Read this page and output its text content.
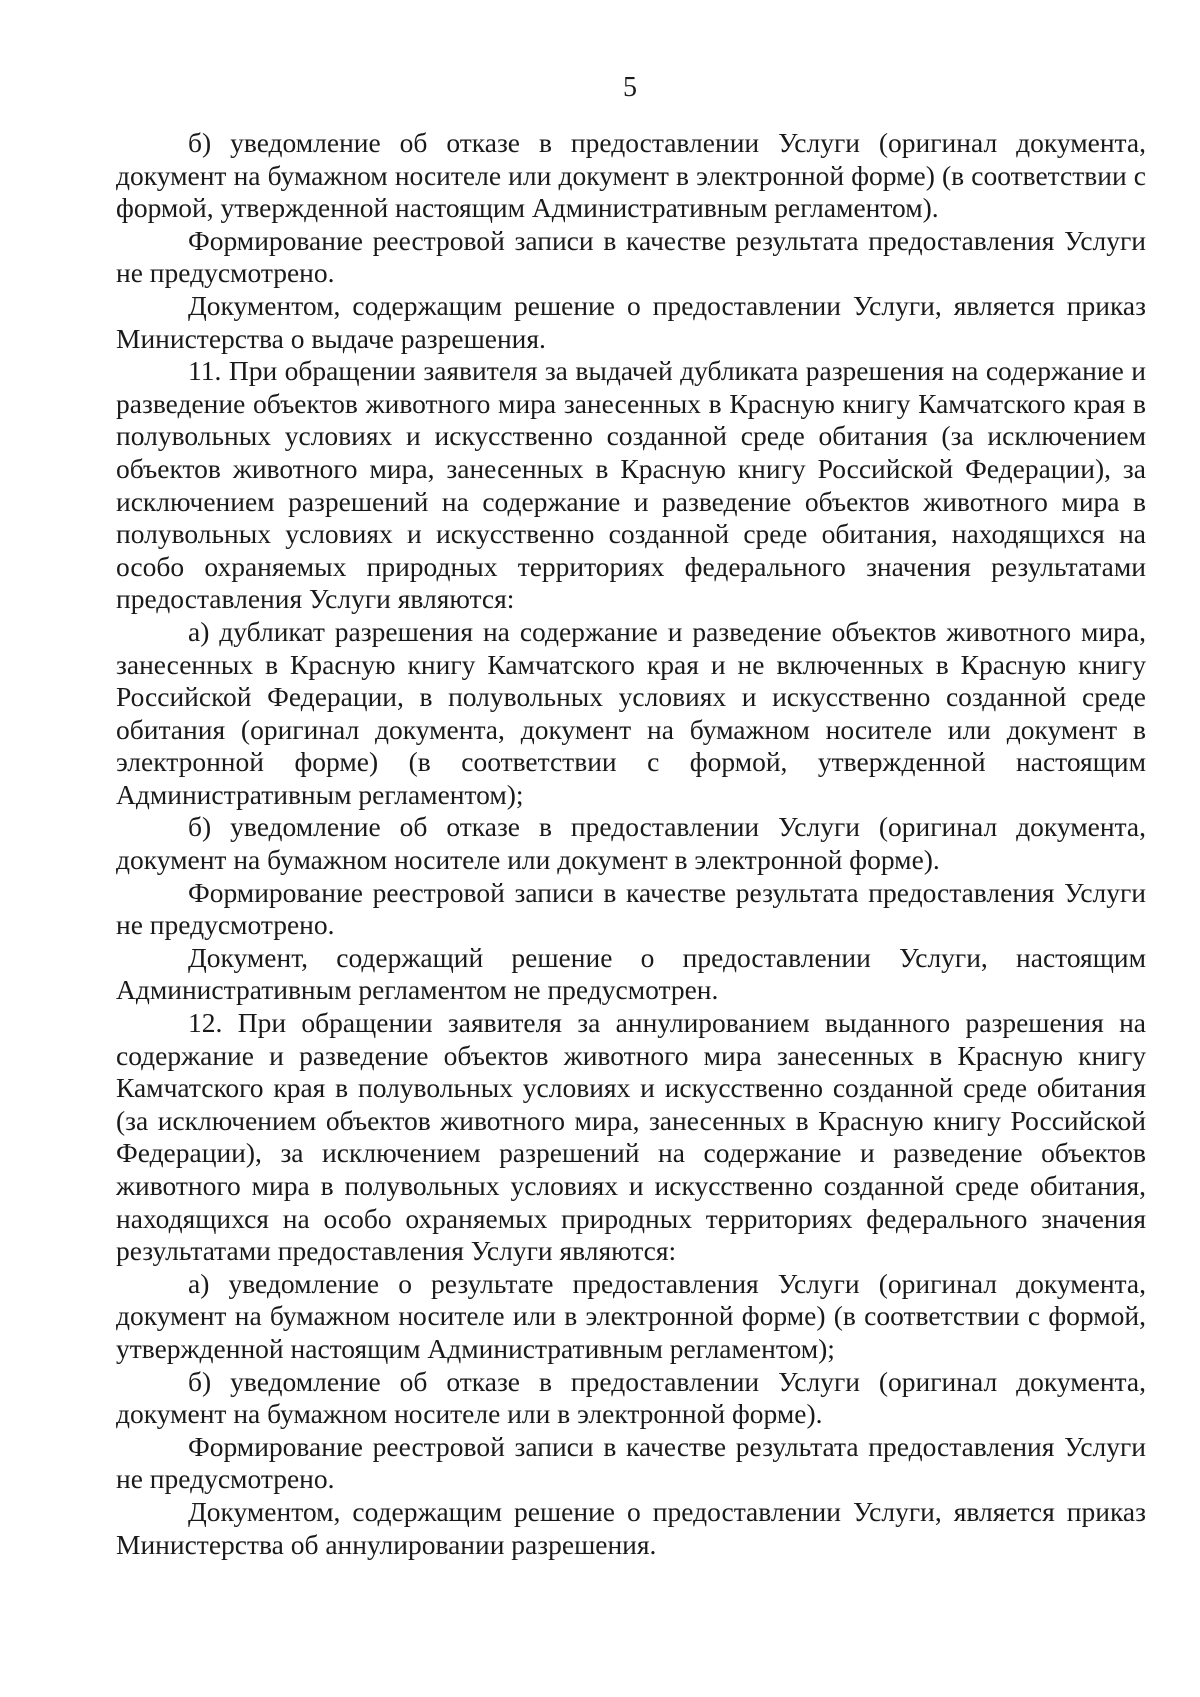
5

б) уведомление об отказе в предоставлении Услуги (оригинал документа, документ на бумажном носителе или документ в электронной форме) (в соответствии с формой, утвержденной настоящим Административным регламентом).

Формирование реестровой записи в качестве результата предоставления Услуги не предусмотрено.

Документом, содержащим решение о предоставлении Услуги, является приказ Министерства о выдаче разрешения.

11. При обращении заявителя за выдачей дубликата разрешения на содержание и разведение объектов животного мира занесенных в Красную книгу Камчатского края в полувольных условиях и искусственно созданной среде обитания (за исключением объектов животного мира, занесенных в Красную книгу Российской Федерации), за исключением разрешений на содержание и разведение объектов животного мира в полувольных условиях и искусственно созданной среде обитания, находящихся на особо охраняемых природных территориях федерального значения результатами предоставления Услуги являются:

а) дубликат разрешения на содержание и разведение объектов животного мира, занесенных в Красную книгу Камчатского края и не включенных в Красную книгу Российской Федерации, в полувольных условиях и искусственно созданной среде обитания (оригинал документа, документ на бумажном носителе или документ в электронной форме) (в соответствии с формой, утвержденной настоящим Административным регламентом);

б) уведомление об отказе в предоставлении Услуги (оригинал документа, документ на бумажном носителе или документ в электронной форме).

Формирование реестровой записи в качестве результата предоставления Услуги не предусмотрено.

Документ, содержащий решение о предоставлении Услуги, настоящим Административным регламентом не предусмотрен.

12. При обращении заявителя за аннулированием выданного разрешения на содержание и разведение объектов животного мира занесенных в Красную книгу Камчатского края в полувольных условиях и искусственно созданной среде обитания (за исключением объектов животного мира, занесенных в Красную книгу Российской Федерации), за исключением разрешений на содержание и разведение объектов животного мира в полувольных условиях и искусственно созданной среде обитания, находящихся на особо охраняемых природных территориях федерального значения результатами предоставления Услуги являются:

а) уведомление о результате предоставления Услуги (оригинал документа, документ на бумажном носителе или в электронной форме) (в соответствии с формой, утвержденной настоящим Административным регламентом);

б) уведомление об отказе в предоставлении Услуги (оригинал документа, документ на бумажном носителе или в электронной форме).

Формирование реестровой записи в качестве результата предоставления Услуги не предусмотрено.

Документом, содержащим решение о предоставлении Услуги, является приказ Министерства об аннулировании разрешения.
